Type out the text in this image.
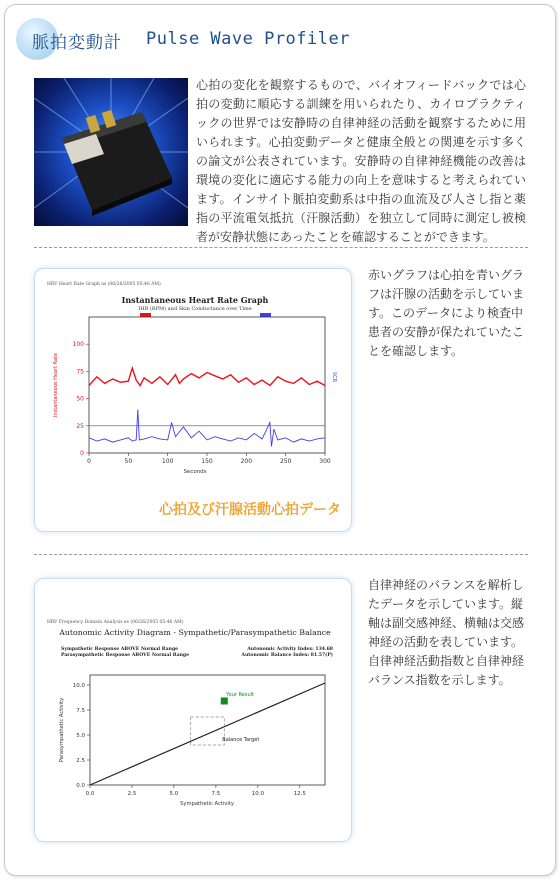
脈拍変動計 Pulse Wave Profiler
心拍の変化を観察するもので、バイオフィードバックでは心拍の変動に順応する訓練を用いられたり、カイロプラクティックの世界では安静時の自律神経の活動を観察するために用いられます。心拍変動データと健康全般との関連を示す多くの論文が公表されています。安静時の自律神経機能の改善は環境の変化に適応する能力の向上を意味すると考えられています。インサイト脈拍変動系は中指の血流及び人さし指と薬指の平流電気抵抗（汗腺活動）を独立して同時に測定し被検者が安静状態にあったことを確認することができます。
HRV Heart Rate Graph as (06/26/2005 05:46 AM)
Instantaneous Heart Rate Graph
IHR (BPM) and Skin Conductance over Time
0	50	100	150	200	250	300
0
25
50
75
100
Seconds
Instantaneous Heart Rate	SCR
心拍及び汗腺活動心拍データ
赤いグラフは心拍を青いグラフは汗腺の活動を示しています。このデータにより検査中患者の安静が保たれていたことを確認します。
HRV Frequency Domain Analysis as (06/26/2005 05:46 AM)
Autonomic Activity Diagram - Sympathetic/Parasympathetic Balance
Sympathetic Response ABOVE Normal Range
Parasympathetic Response ABOVE Normal Range
Autonomic Activity Index: 134.68
Autonomic Balance Index: 81.57(P)
Balance Target
Your Result
0.0	2.5	5.0	7.5	10.0	12.5
0.0
2.5
5.0
7.5
10.0
Sympathetic Activity
Parasympathetic Activity
自律神経のバランスを解析したデータを示しています。縦軸は副交感神経、横軸は交感神経の活動を表しています。自律神経活動指数と自律神経バランス指数を示します。
